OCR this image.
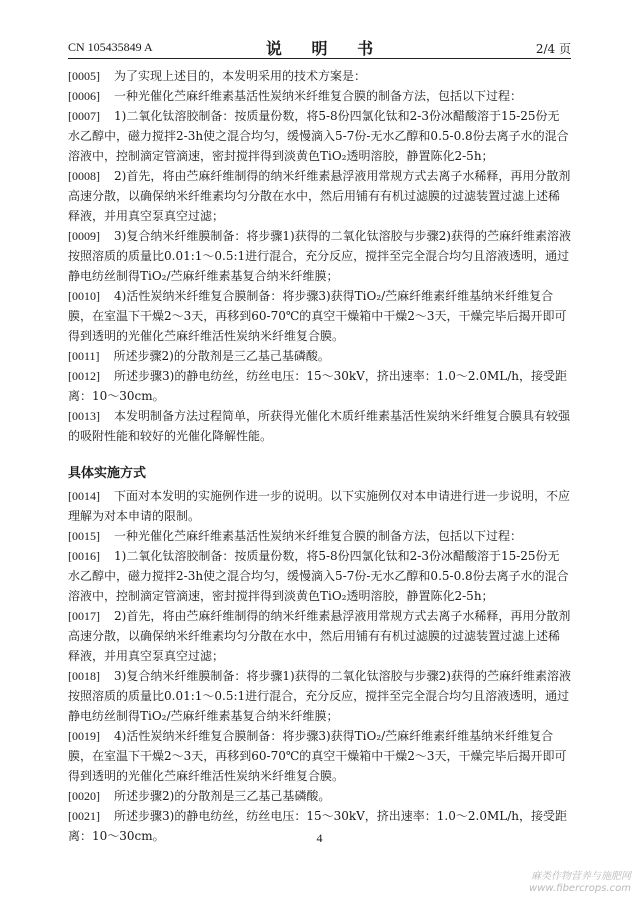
CN 105435849 A	说 明 书	2/4 页

[0005] 为了实现上述目的，本发明采用的技术方案是：

[0006] 一种光催化苎麻纤维素基活性炭纳米纤维复合膜的制备方法，包括以下过程：

[0007] 1)二氧化钛溶胶制备：按质量份数，将5-8份四氯化钛和2-3份冰醋酸溶于15-25份无水乙醇中，磁力搅拌2-3h使之混合均匀，缓慢滴入5-7份-无水乙醇和0.5-0.8份去离子水的混合溶液中，控制滴定管滴速，密封搅拌得到淡黄色TiO₂透明溶胶，静置陈化2-5h；

[0008] 2)首先，将由苎麻纤维制得的纳米纤维素悬浮液用常规方式去离子水稀释，再用分散剂高速分散，以确保纳米纤维素均匀分散在水中，然后用铺有有机过滤膜的过滤装置过滤上述稀释液，并用真空泵真空过滤；

[0009] 3)复合纳米纤维膜制备：将步骤1)获得的二氧化钛溶胶与步骤2)获得的苎麻纤维素溶液按照溶质的质量比0.01:1～0.5:1进行混合，充分反应，搅拌至完全混合均匀且溶液透明，通过静电纺丝制得TiO₂/苎麻纤维素基复合纳米纤维膜；

[0010] 4)活性炭纳米纤维复合膜制备：将步骤3)获得TiO₂/苎麻纤维素纤维基纳米纤维复合膜，在室温下干燥2～3天，再移到60-70℃的真空干燥箱中干燥2～3天，干燥完毕后揭开即可得到透明的光催化苎麻纤维活性炭纳米纤维复合膜。

[0011] 所述步骤2)的分散剂是三乙基己基磷酸。

[0012] 所述步骤3)的静电纺丝，纺丝电压：15～30kV，挤出速率：1.0～2.0ML/h，接受距离：10～30cm。

[0013] 本发明制备方法过程简单，所获得光催化木质纤维素基活性炭纳米纤维复合膜具有较强的吸附性能和较好的光催化降解性能。

具体实施方式

[0014] 下面对本发明的实施例作进一步的说明。以下实施例仅对本申请进行进一步说明，不应理解为对本申请的限制。

[0015] 一种光催化苎麻纤维素基活性炭纳米纤维复合膜的制备方法，包括以下过程：

[0016] 1)二氧化钛溶胶制备：按质量份数，将5-8份四氯化钛和2-3份冰醋酸溶于15-25份无水乙醇中，磁力搅拌2-3h使之混合均匀，缓慢滴入5-7份-无水乙醇和0.5-0.8份去离子水的混合溶液中，控制滴定管滴速，密封搅拌得到淡黄色TiO₂透明溶胶，静置陈化2-5h；

[0017] 2)首先，将由苎麻纤维制得的纳米纤维素悬浮液用常规方式去离子水稀释，再用分散剂高速分散，以确保纳米纤维素均匀分散在水中，然后用铺有有机过滤膜的过滤装置过滤上述稀释液，并用真空泵真空过滤；

[0018] 3)复合纳米纤维膜制备：将步骤1)获得的二氧化钛溶胶与步骤2)获得的苎麻纤维素溶液按照溶质的质量比0.01:1～0.5:1进行混合，充分反应，搅拌至完全混合均匀且溶液透明，通过静电纺丝制得TiO₂/苎麻纤维素基复合纳米纤维膜；

[0019] 4)活性炭纳米纤维复合膜制备：将步骤3)获得TiO₂/苎麻纤维素纤维基纳米纤维复合膜，在室温下干燥2～3天，再移到60-70℃的真空干燥箱中干燥2～3天，干燥完毕后揭开即可得到透明的光催化苎麻纤维活性炭纳米纤维复合膜。

[0020] 所述步骤2)的分散剂是三乙基己基磷酸。

[0021] 所述步骤3)的静电纺丝，纺丝电压：15～30kV，挤出速率：1.0～2.0ML/h，接受距离：10～30cm。	4
麻类作物营养与施肥网
www.fibercrops.com
